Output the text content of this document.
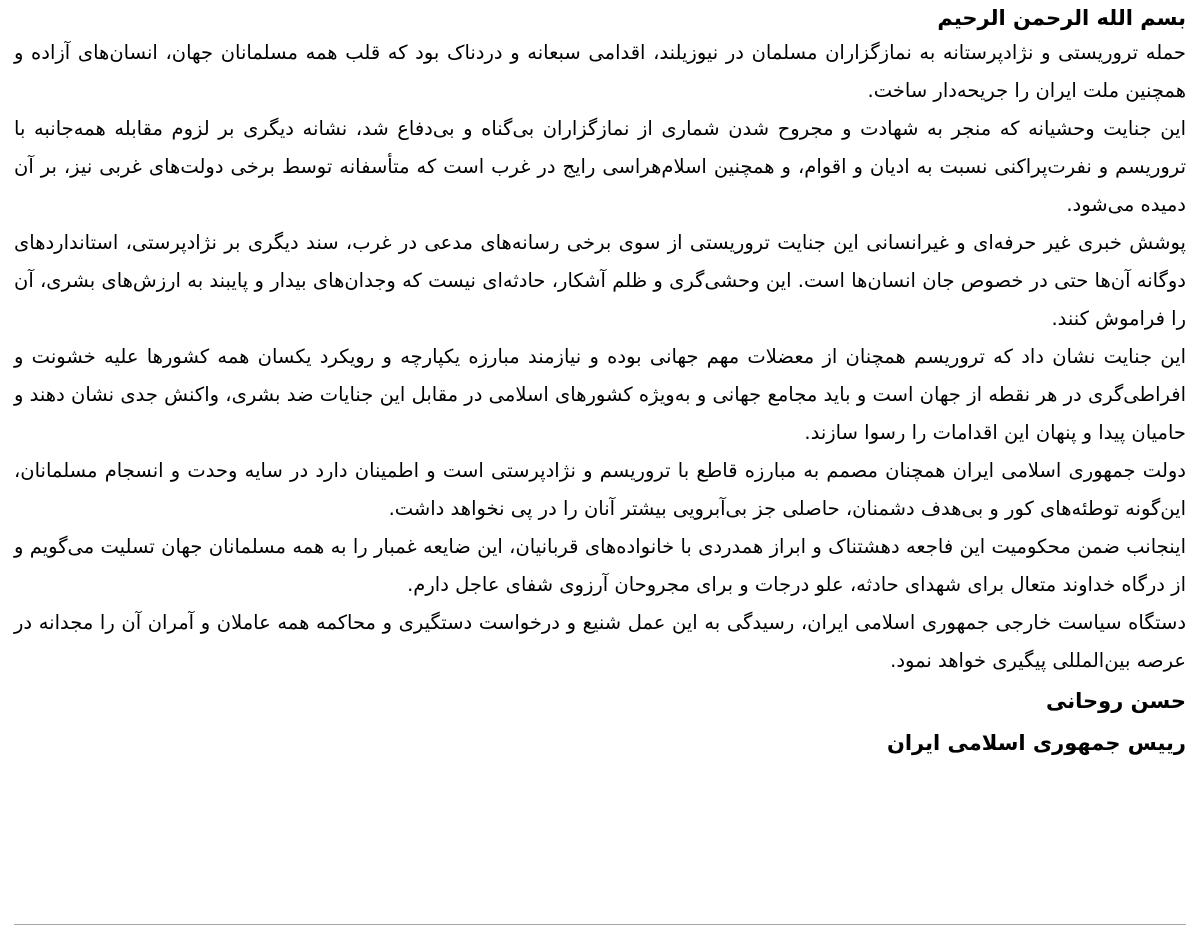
بسم الله الرحمن الرحیم

حمله تروریستی و نژادپرستانه به نمازگزاران مسلمان در نیوزیلند، اقدامی سبعانه و دردناک بود که قلب همه مسلمانان جهان، انسان‌های آزاده و همچنین ملت ایران را جریحه‌دار ساخت.

این جنایت وحشیانه که منجر به شهادت و مجروح شدن شماری از نمازگزاران بی‌گناه و بی‌دفاع شد، نشانه دیگری بر لزوم مقابله همه‌جانبه با تروریسم و نفرت‌پراکنی نسبت به ادیان و اقوام، و همچنین اسلام‌هراسی رایج در غرب است که متأسفانه توسط برخی دولت‌های غربی نیز، بر آن دمیده می‌شود.

پوشش خبری غیر حرفه‌ای و غیرانسانی این جنایت تروریستی از سوی برخی رسانه‌های مدعی در غرب، سند دیگری بر نژادپرستی، استانداردهای دوگانه آن‌ها حتی در خصوص جان انسان‌ها است. این وحشی‌گری و ظلم آشکار، حادثه‌ای نیست که وجدان‌های بیدار و پایبند به ارزش‌های بشری، آن را فراموش کنند.

این جنایت نشان داد که تروریسم همچنان از معضلات مهم جهانی بوده و نیازمند مبارزه یکپارچه و رویکرد یکسان همه کشورها علیه خشونت و افراطی‌گری در هر نقطه از جهان است و باید مجامع جهانی و به‌ویژه کشورهای اسلامی در مقابل این جنایات ضد بشری، واکنش جدی نشان دهند و حامیان پیدا و پنهان این اقدامات را رسوا سازند.

دولت جمهوری اسلامی ایران همچنان مصمم به مبارزه قاطع با تروریسم و نژادپرستی است و اطمینان دارد در سایه وحدت و انسجام مسلمانان، این‌گونه توطئه‌های کور و بی‌هدف دشمنان، حاصلی جز بی‌آبرویی بیشتر آنان را در پی نخواهد داشت.

اینجانب ضمن محکومیت این فاجعه دهشتناک و ابراز همدردی با خانواده‌های قربانیان، این ضایعه غمبار را به همه مسلمانان جهان تسلیت می‌گویم و از درگاه خداوند متعال برای شهدای حادثه، علو درجات و برای مجروحان آرزوی شفای عاجل دارم.

دستگاه سیاست خارجی جمهوری اسلامی ایران، رسیدگی به این عمل شنیع و درخواست دستگیری و محاکمه همه عاملان و آمران آن را مجدانه در عرصه بین‌المللی پیگیری خواهد نمود.

حسن روحانی

رییس جمهوری اسلامی ایران
